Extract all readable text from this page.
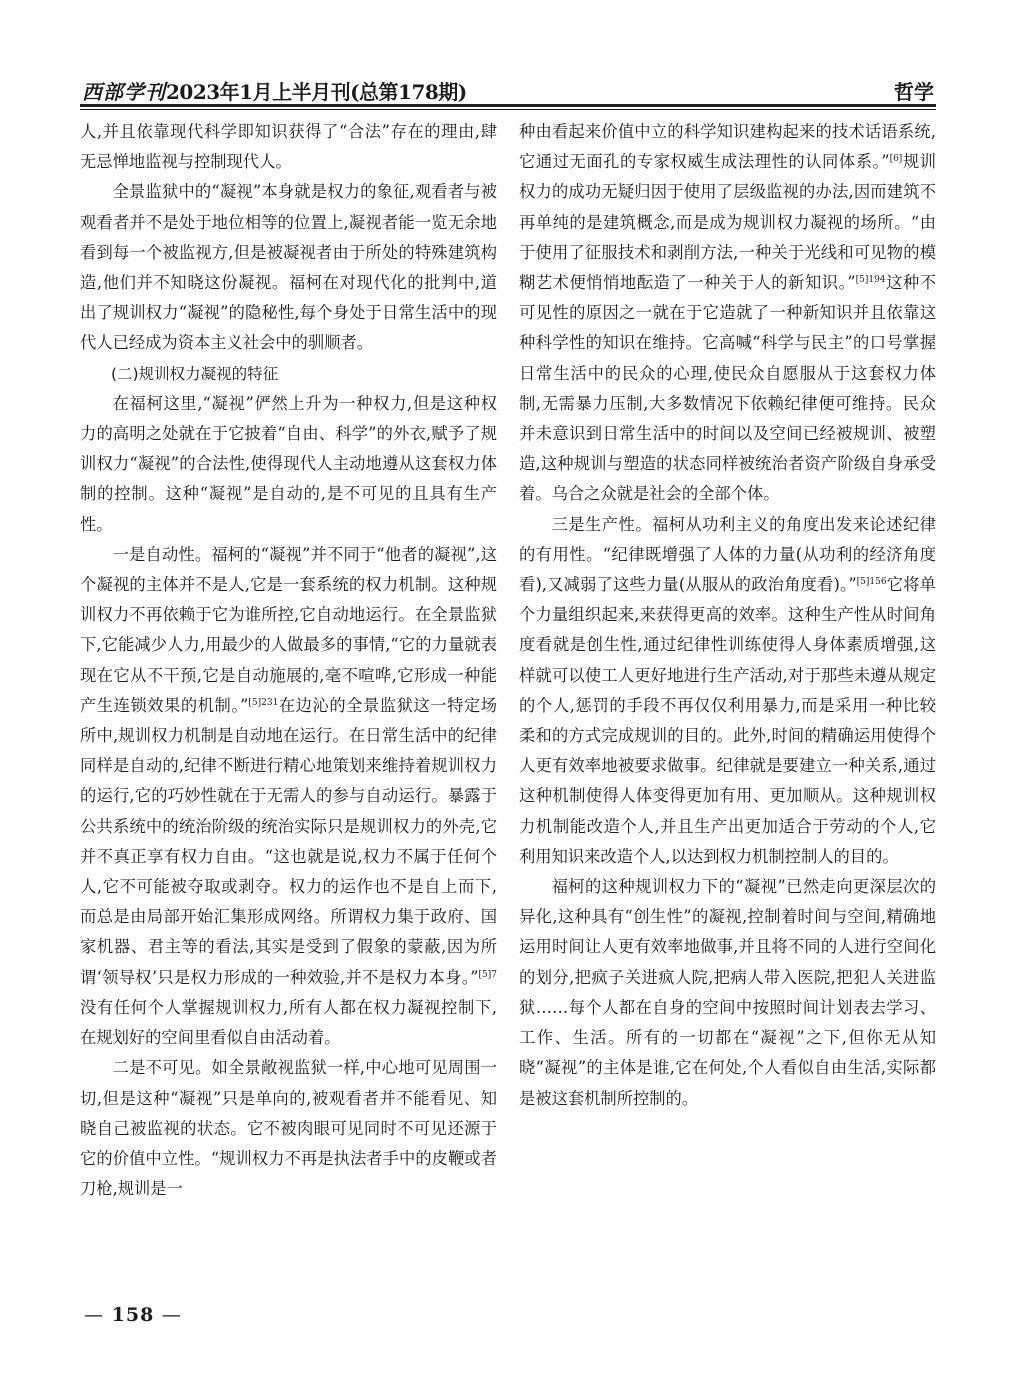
西部学刊2023年1月上半月刊(总第178期)	哲学

人,并且依靠现代科学即知识获得了“合法”存在的理由,肆无忌惮地监视与控制现代人。

全景监狱中的“凝视”本身就是权力的象征,观看者与被观看者并不是处于地位相等的位置上,凝视者能一览无余地看到每一个被监视方,但是被凝视者由于所处的特殊建筑构造,他们并不知晓这份凝视。福柯在对现代化的批判中,道出了规训权力“凝视”的隐秘性,每个身处于日常生活中的现代人已经成为资本主义社会中的驯顺者。

(二)规训权力凝视的特征

在福柯这里,“凝视”俨然上升为一种权力,但是这种权力的高明之处就在于它披着“自由、科学”的外衣,赋予了规训权力“凝视”的合法性,使得现代人主动地遵从这套权力体制的控制。这种“凝视”是自动的,是不可见的且具有生产性。

一是自动性。福柯的“凝视”并不同于“他者的凝视”,这个凝视的主体并不是人,它是一套系统的权力机制。这种规训权力不再依赖于它为谁所控,它自动地运行。在全景监狱下,它能减少人力,用最少的人做最多的事情,“它的力量就表现在它从不干预,它是自动施展的,毫不喧哗,它形成一种能产生连锁效果的机制。”$^{[5]231}$在边沁的全景监狱这一特定场所中,规训权力机制是自动地在运行。在日常生活中的纪律同样是自动的,纪律不断进行精心地策划来维持着规训权力的运行,它的巧妙性就在于无需人的参与自动运行。暴露于公共系统中的统治阶级的统治实际只是规训权力的外壳,它并不真正享有权力自由。“这也就是说,权力不属于任何个人,它不可能被夺取或剥夺。权力的运作也不是自上而下,而总是由局部开始汇集形成网络。所谓权力集于政府、国家机器、君主等的看法,其实是受到了假象的蒙蔽,因为所谓‘领导权’只是权力形成的一种效验,并不是权力本身。”$^{[5]7}$没有任何个人掌握规训权力,所有人都在权力凝视控制下,在规划好的空间里看似自由活动着。

二是不可见。如全景敞视监狱一样,中心地可见周围一切,但是这种“凝视”只是单向的,被观看者并不能看见、知晓自己被监视的状态。它不被肉眼可见同时不可见还源于它的价值中立性。“规训权力不再是执法者手中的皮鞭或者刀枪,规训是一

种由看起来价值中立的科学知识建构起来的技术话语系统,它通过无面孔的专家权威生成法理性的认同体系。”[6]规训权力的成功无疑归因于使用了层级监视的办法,因而建筑不再单纯的是建筑概念,而是成为规训权力凝视的场所。“由于使用了征服技术和剥削方法,一种关于光线和可见物的模糊艺术便悄悄地酝造了一种关于人的新知识。”$^{[5]194}$这种不可见性的原因之一就在于它造就了一种新知识并且依靠这种科学性的知识在维持。它高喊“科学与民主”的口号掌握日常生活中的民众的心理,使民众自愿服从于这套权力体制,无需暴力压制,大多数情况下依赖纪律便可维持。民众并未意识到日常生活中的时间以及空间已经被规训、被塑造,这种规训与塑造的状态同样被统治者资产阶级自身承受着。乌合之众就是社会的全部个体。

三是生产性。福柯从功利主义的角度出发来论述纪律的有用性。“纪律既增强了人体的力量(从功利的经济角度看),又减弱了这些力量(从服从的政治角度看)。”$^{[5]156}$它将单个力量组织起来,来获得更高的效率。这种生产性从时间角度看就是创生性,通过纪律性训练使得人身体素质增强,这样就可以使工人更好地进行生产活动,对于那些未遵从规定的个人,惩罚的手段不再仅仅利用暴力,而是采用一种比较柔和的方式完成规训的目的。此外,时间的精确运用使得个人更有效率地被要求做事。纪律就是要建立一种关系,通过这种机制使得人体变得更加有用、更加顺从。这种规训权力机制能改造个人,并且生产出更加适合于劳动的个人,它利用知识来改造个人,以达到权力机制控制人的目的。

福柯的这种规训权力下的“凝视”已然走向更深层次的异化,这种具有“创生性”的凝视,控制着时间与空间,精确地运用时间让人更有效率地做事,并且将不同的人进行空间化的划分,把疯子关进疯人院,把病人带入医院,把犯人关进监狱……每个人都在自身的空间中按照时间计划表去学习、工作、生活。所有的一切都在“凝视”之下,但你无从知晓“凝视”的主体是谁,它在何处,个人看似自由生活,实际都是被这套机制所控制的。

— 158 —
